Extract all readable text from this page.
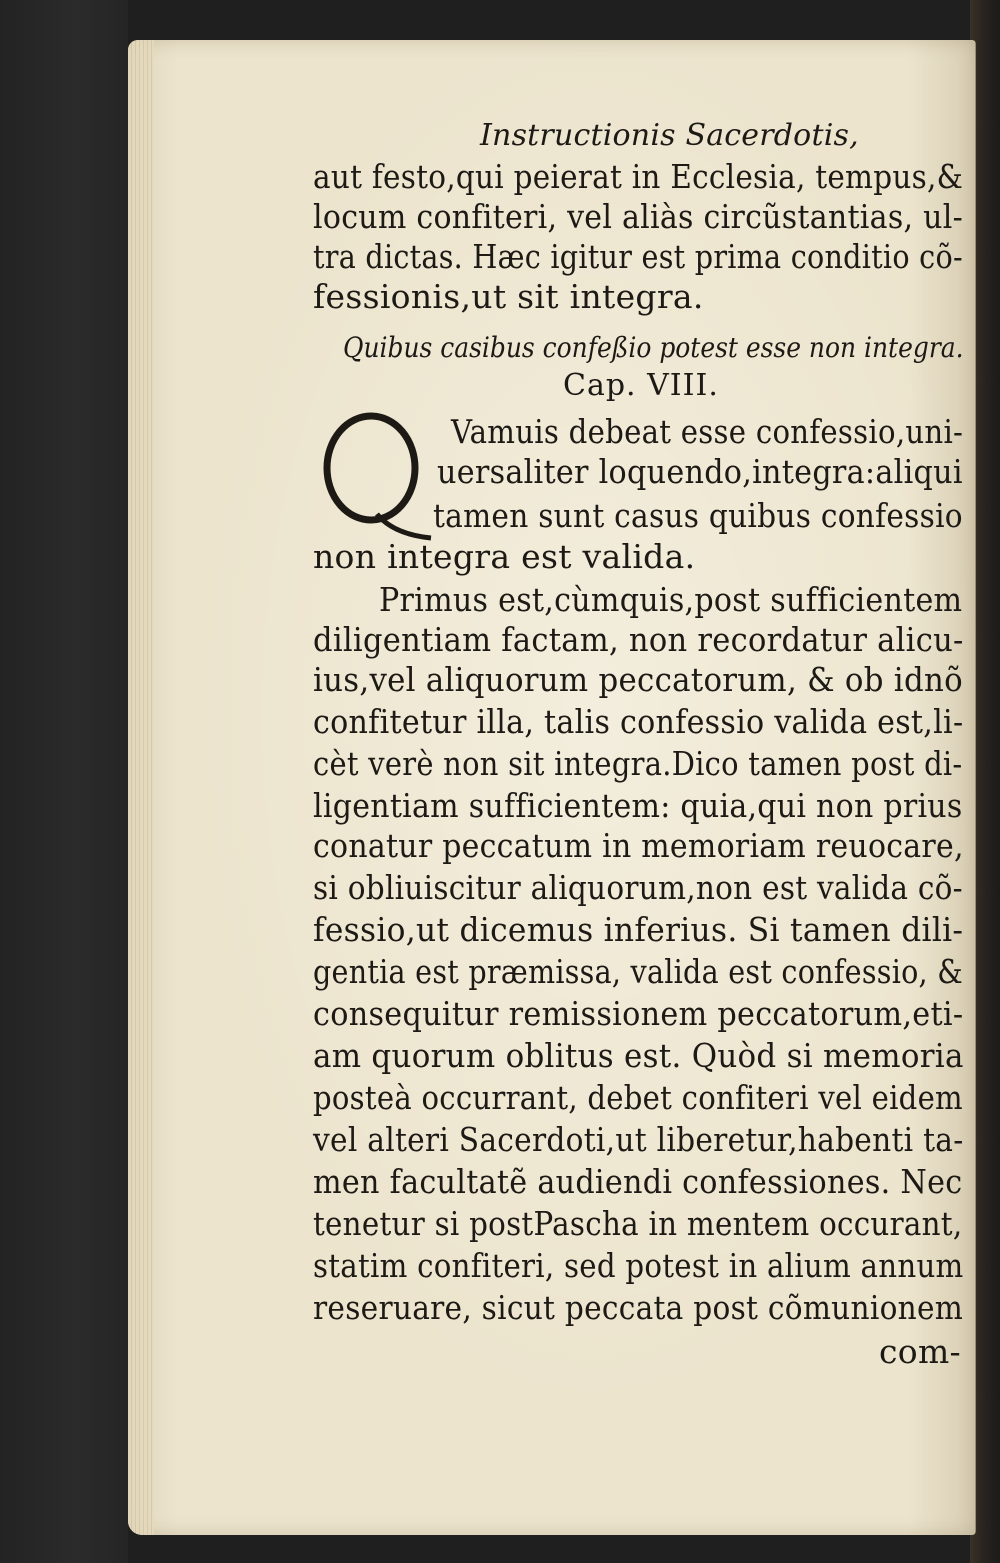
Instructionis Sacerdotis,
aut festo,qui peierat in Ecclesia, tempus,&
locum confiteri, vel aliàs circũstantias, ul-
tra dictas. Hæc igitur est prima conditio cõ-
fessionis,ut sit integra.
Quibus casibus confeßio potest esse non integra.
Cap. VIII.
Vamuis debeat esse confessio,uni-
uersaliter loquendo,integra:aliqui
tamen sunt casus quibus confessio
non integra est valida.
Primus est,cùmquis,post sufficientem
diligentiam factam, non recordatur alicu-
ius,vel aliquorum peccatorum, & ob idnõ
confitetur illa, talis confessio valida est,li-
cèt verè non sit integra.Dico tamen post di-
ligentiam sufficientem: quia,qui non prius
conatur peccatum in memoriam reuocare,
si obliuiscitur aliquorum,non est valida cõ-
fessio,ut dicemus inferius. Si tamen dili-
gentia est præmissa, valida est confessio, &
consequitur remissionem peccatorum,eti-
am quorum oblitus est. Quòd si memoria
posteà occurrant, debet confiteri vel eidem
vel alteri Sacerdoti,ut liberetur,habenti ta-
men facultatẽ audiendi confessiones. Nec
tenetur si postPascha in mentem occurant,
statim confiteri, sed potest in alium annum
reseruare, sicut peccata post cõmunionem
com-
